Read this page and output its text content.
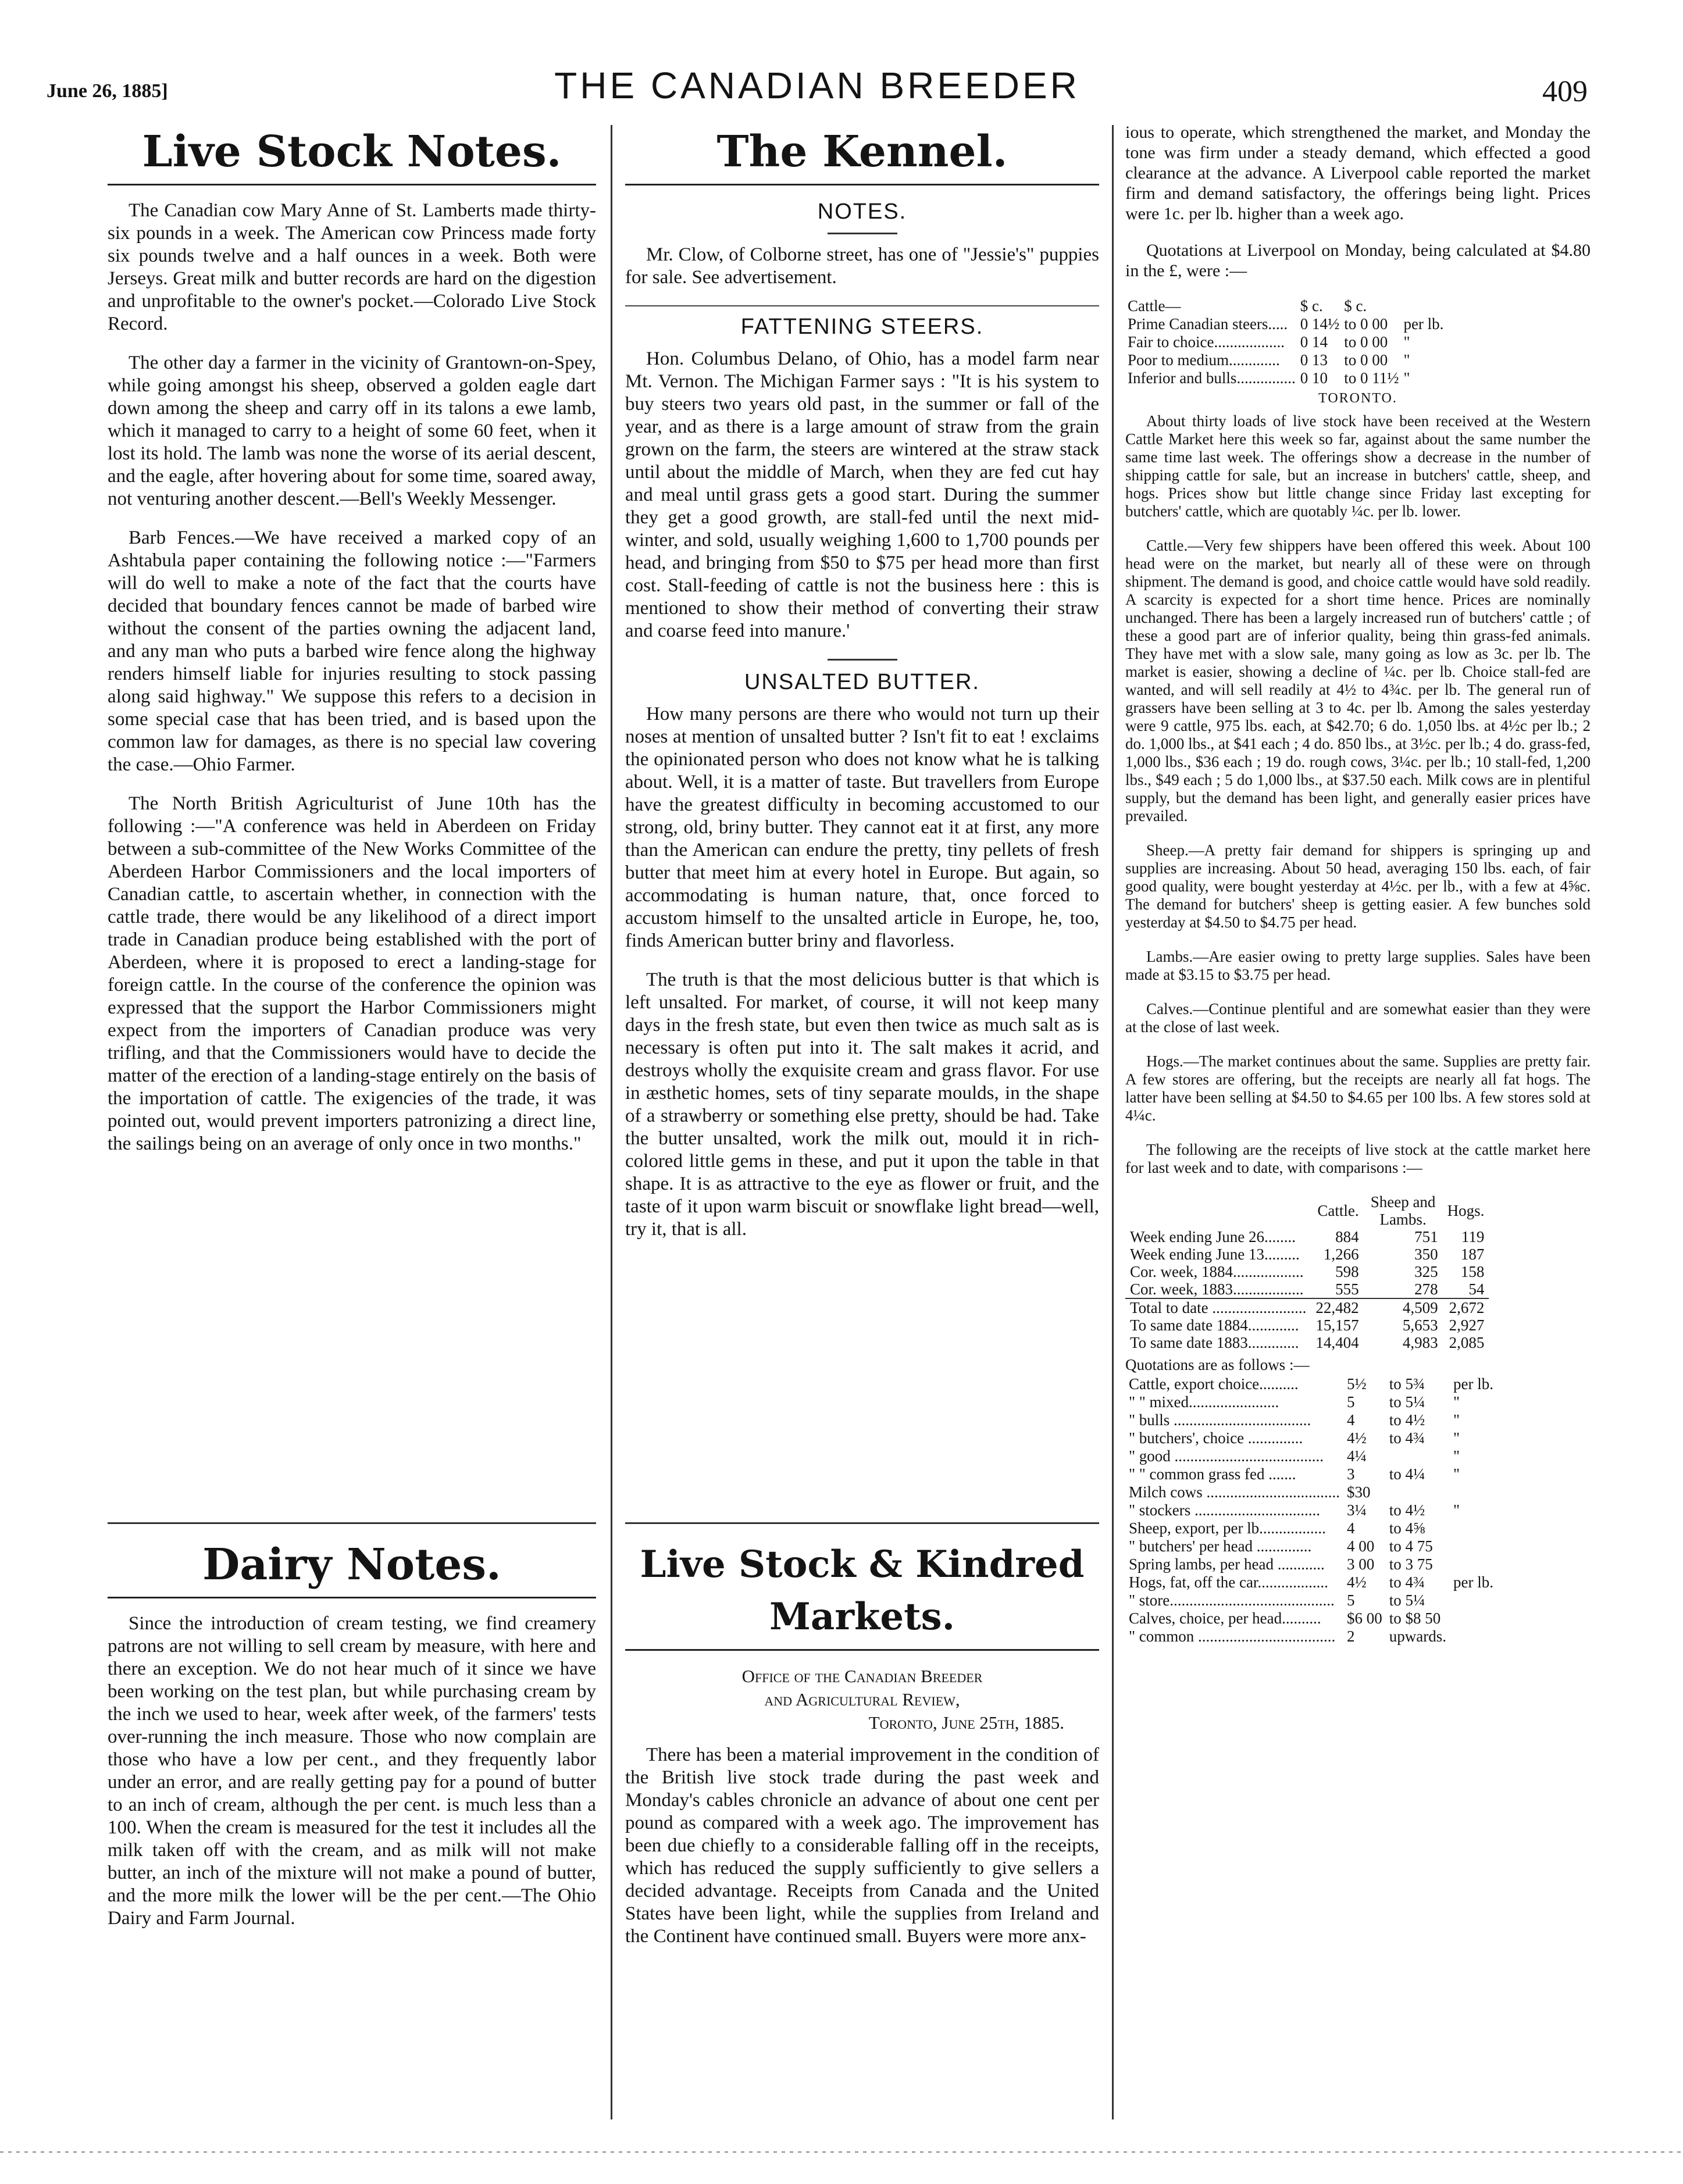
June 26, 1885]	THE CANADIAN BREEDER	409
Live Stock Notes.

The Canadian cow Mary Anne of St. Lamberts made thirty-six pounds in a week. The American cow Princess made forty six pounds twelve and a half ounces in a week. Both were Jerseys. Great milk and butter records are hard on the digestion and unprofitable to the owner's pocket.—Colorado Live Stock Record.

The other day a farmer in the vicinity of Grantown-on-Spey, while going amongst his sheep, observed a golden eagle dart down among the sheep and carry off in its talons a ewe lamb, which it managed to carry to a height of some 60 feet, when it lost its hold. The lamb was none the worse of its aerial descent, and the eagle, after hovering about for some time, soared away, not venturing another descent.—Bell's Weekly Messenger.

Barb Fences.—We have received a marked copy of an Ashtabula paper containing the following notice :—"Farmers will do well to make a note of the fact that the courts have decided that boundary fences cannot be made of barbed wire without the consent of the parties owning the adjacent land, and any man who puts a barbed wire fence along the highway renders himself liable for injuries resulting to stock passing along said highway." We suppose this refers to a decision in some special case that has been tried, and is based upon the common law for damages, as there is no special law covering the case.—Ohio Farmer.

The North British Agriculturist of June 10th has the following :—"A conference was held in Aberdeen on Friday between a sub-committee of the New Works Committee of the Aberdeen Harbor Commissioners and the local importers of Canadian cattle, to ascertain whether, in connection with the cattle trade, there would be any likelihood of a direct import trade in Canadian produce being established with the port of Aberdeen, where it is proposed to erect a landing-stage for foreign cattle. In the course of the conference the opinion was expressed that the support the Harbor Commissioners might expect from the importers of Canadian produce was very trifling, and that the Commissioners would have to decide the matter of the erection of a landing-stage entirely on the basis of the importation of cattle. The exigencies of the trade, it was pointed out, would prevent importers patronizing a direct line, the sailings being on an average of only once in two months."

Dairy Notes.

Since the introduction of cream testing, we find creamery patrons are not willing to sell cream by measure, with here and there an exception. We do not hear much of it since we have been working on the test plan, but while purchasing cream by the inch we used to hear, week after week, of the farmers' tests over-running the inch measure. Those who now complain are those who have a low per cent., and they frequently labor under an error, and are really getting pay for a pound of butter to an inch of cream, although the per cent. is much less than a 100. When the cream is measured for the test it includes all the milk taken off with the cream, and as milk will not make butter, an inch of the mixture will not make a pound of butter, and the more milk the lower will be the per cent.—The Ohio Dairy and Farm Journal.

The Kennel.
NOTES.

Mr. Clow, of Colborne street, has one of "Jessie's" puppies for sale. See advertisement.

FATTENING STEERS.

Hon. Columbus Delano, of Ohio, has a model farm near Mt. Vernon. The Michigan Farmer says : "It is his system to buy steers two years old past, in the summer or fall of the year, and as there is a large amount of straw from the grain grown on the farm, the steers are wintered at the straw stack until about the middle of March, when they are fed cut hay and meal until grass gets a good start. During the summer they get a good growth, are stall-fed until the next mid-winter, and sold, usually weighing 1,600 to 1,700 pounds per head, and bringing from $50 to $75 per head more than first cost. Stall-feeding of cattle is not the business here : this is mentioned to show their method of converting their straw and coarse feed into manure.'

UNSALTED BUTTER.

How many persons are there who would not turn up their noses at mention of unsalted butter ? Isn't fit to eat ! exclaims the opinionated person who does not know what he is talking about. Well, it is a matter of taste. But travellers from Europe have the greatest difficulty in becoming accustomed to our strong, old, briny butter. They cannot eat it at first, any more than the American can endure the pretty, tiny pellets of fresh butter that meet him at every hotel in Europe. But again, so accommodating is human nature, that, once forced to accustom himself to the unsalted article in Europe, he, too, finds American butter briny and flavorless.

The truth is that the most delicious butter is that which is left unsalted. For market, of course, it will not keep many days in the fresh state, but even then twice as much salt as is necessary is often put into it. The salt makes it acrid, and destroys wholly the exquisite cream and grass flavor. For use in æsthetic homes, sets of tiny separate moulds, in the shape of a strawberry or something else pretty, should be had. Take the butter unsalted, work the milk out, mould it in rich-colored little gems in these, and put it upon the table in that shape. It is as attractive to the eye as flower or fruit, and the taste of it upon warm biscuit or snowflake light bread—well, try it, that is all.

Live Stock & Kindred Markets.
Office of the Canadian Breeder
and Agricultural Review,
Toronto, June 25th, 1885.

There has been a material improvement in the condition of the British live stock trade during the past week and Monday's cables chronicle an advance of about one cent per pound as compared with a week ago. The improvement has been due chiefly to a considerable falling off in the receipts, which has reduced the supply sufficiently to give sellers a decided advantage. Receipts from Canada and the United States have been light, while the supplies from Ireland and the Continent have continued small. Buyers were more anx-

ious to operate, which strengthened the market, and Monday the tone was firm under a steady demand, which effected a good clearance at the advance. A Liverpool cable reported the market firm and demand satisfactory, the offerings being light. Prices were 1c. per lb. higher than a week ago.

Quotations at Liverpool on Monday, being calculated at $4.80 in the £, were :—

Cattle—	$ c.	$ c.	
Prime Canadian steers.....	0 14½	to 0 00	per lb.
Fair to choice..................	0 14	to 0 00	"
Poor to medium.............	0 13	to 0 00	"
Inferior and bulls...............	0 10	to 0 11½	"
TORONTO.

About thirty loads of live stock have been received at the Western Cattle Market here this week so far, against about the same number the same time last week. The offerings show a decrease in the number of shipping cattle for sale, but an increase in butchers' cattle, sheep, and hogs. Prices show but little change since Friday last excepting for butchers' cattle, which are quotably ¼c. per lb. lower.

Cattle.—Very few shippers have been offered this week. About 100 head were on the market, but nearly all of these were on through shipment. The demand is good, and choice cattle would have sold readily. A scarcity is expected for a short time hence. Prices are nominally unchanged. There has been a largely increased run of butchers' cattle ; of these a good part are of inferior quality, being thin grass-fed animals. They have met with a slow sale, many going as low as 3c. per lb. The market is easier, showing a decline of ¼c. per lb. Choice stall-fed are wanted, and will sell readily at 4½ to 4¾c. per lb. The general run of grassers have been selling at 3 to 4c. per lb. Among the sales yesterday were 9 cattle, 975 lbs. each, at $42.70; 6 do. 1,050 lbs. at 4½c per lb.; 2 do. 1,000 lbs., at $41 each ; 4 do. 850 lbs., at 3½c. per lb.; 4 do. grass-fed, 1,000 lbs., $36 each ; 19 do. rough cows, 3¼c. per lb.; 10 stall-fed, 1,200 lbs., $49 each ; 5 do 1,000 lbs., at $37.50 each. Milk cows are in plentiful supply, but the demand has been light, and generally easier prices have prevailed.

Sheep.—A pretty fair demand for shippers is springing up and supplies are increasing. About 50 head, averaging 150 lbs. each, of fair good quality, were bought yesterday at 4½c. per lb., with a few at 4⅝c. The demand for butchers' sheep is getting easier. A few bunches sold yesterday at $4.50 to $4.75 per head.

Lambs.—Are easier owing to pretty large supplies. Sales have been made at $3.15 to $3.75 per head.

Calves.—Continue plentiful and are somewhat easier than they were at the close of last week.

Hogs.—The market continues about the same. Supplies are pretty fair. A few stores are offering, but the receipts are nearly all fat hogs. The latter have been selling at $4.50 to $4.65 per 100 lbs. A few stores sold at 4¼c.

The following are the receipts of live stock at the cattle market here for last week and to date, with comparisons :—

	Cattle.	Sheep and Lambs.	Hogs.
Week ending June 26........	884	751	119
Week ending June 13.........	1,266	350	187
Cor. week, 1884..................	598	325	158
Cor. week, 1883..................	555	278	54
Total to date ........................	22,482	4,509	2,672
To same date 1884.............	15,157	5,653	2,927
To same date 1883.............	14,404	4,983	2,085
Quotations are as follows :—
Cattle, export choice..........	5½	to 5¾	per lb.
" " mixed.......................	5	to 5¼	"
" bulls ...................................	4	to 4½	"
" butchers', choice ..............	4½	to 4¾	"
" good ......................................	4¼		"
" " common grass fed .......	3	to 4¼	"
Milch cows ..................................	$30		
" stockers ................................	3¼	to 4½	"
Sheep, export, per lb.................	4	to 4⅝	
" butchers' per head ..............	4 00	to 4 75	
Spring lambs, per head ............	3 00	to 3 75	
Hogs, fat, off the car..................	4½	to 4¾	per lb.
" store..........................................	5	to 5¼	
Calves, choice, per head..........	$6 00	to $8 50	
" common ...................................	2	upwards.	
